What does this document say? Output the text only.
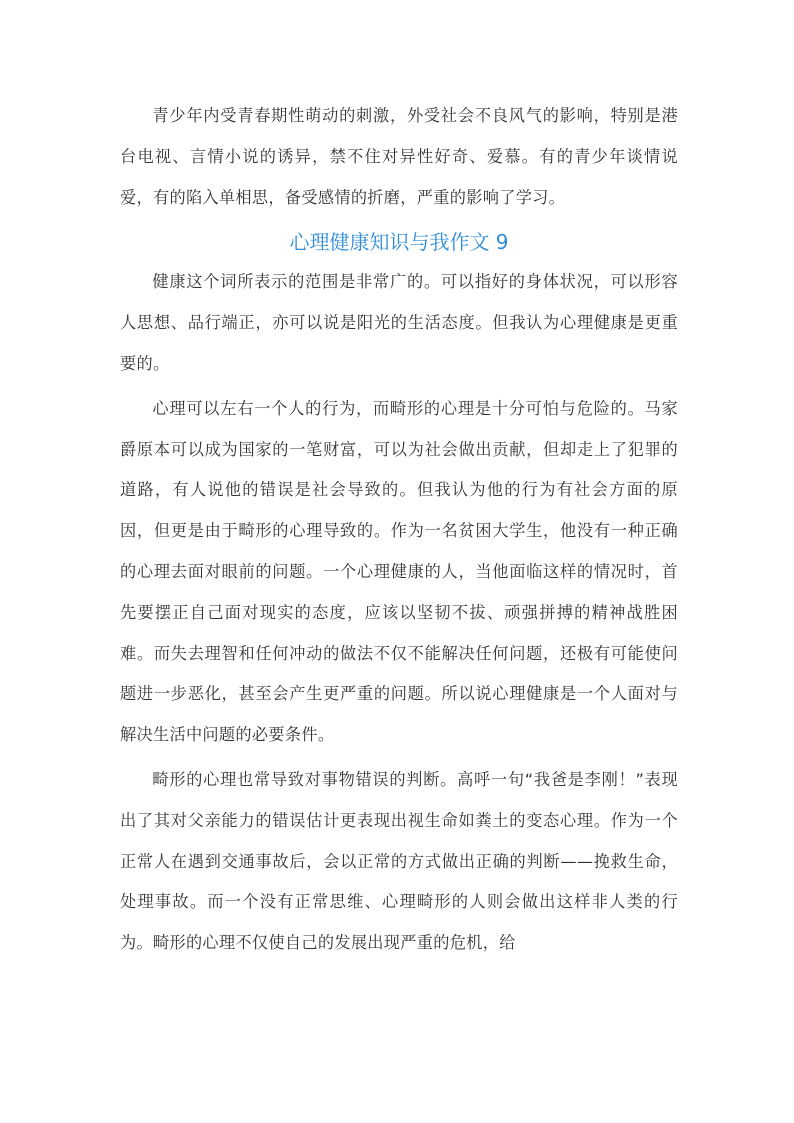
青少年内受青春期性萌动的刺激，外受社会不良风气的影响，特别是港台电视、言情小说的诱异，禁不住对异性好奇、爱慕。有的青少年谈情说爱，有的陷入单相思，备受感情的折磨，严重的影响了学习。

心理健康知识与我作文 9

健康这个词所表示的范围是非常广的。可以指好的身体状况，可以形容人思想、品行端正，亦可以说是阳光的生活态度。但我认为心理健康是更重要的。

心理可以左右一个人的行为，而畸形的心理是十分可怕与危险的。马家爵原本可以成为国家的一笔财富，可以为社会做出贡献，但却走上了犯罪的道路，有人说他的错误是社会导致的。但我认为他的行为有社会方面的原因，但更是由于畸形的心理导致的。作为一名贫困大学生，他没有一种正确的心理去面对眼前的问题。一个心理健康的人，当他面临这样的情况时，首先要摆正自己面对现实的态度，应该以坚韧不拔、顽强拼搏的精神战胜困难。而失去理智和任何冲动的做法不仅不能解决任何问题，还极有可能使问题进一步恶化，甚至会产生更严重的问题。所以说心理健康是一个人面对与解决生活中问题的必要条件。

畸形的心理也常导致对事物错误的判断。高呼一句“我爸是李刚！”表现出了其对父亲能力的错误估计更表现出视生命如粪土的变态心理。作为一个正常人在遇到交通事故后，会以正常的方式做出正确的判断——挽救生命，处理事故。而一个没有正常思维、心理畸形的人则会做出这样非人类的行为。畸形的心理不仅使自己的发展出现严重的危机，给
